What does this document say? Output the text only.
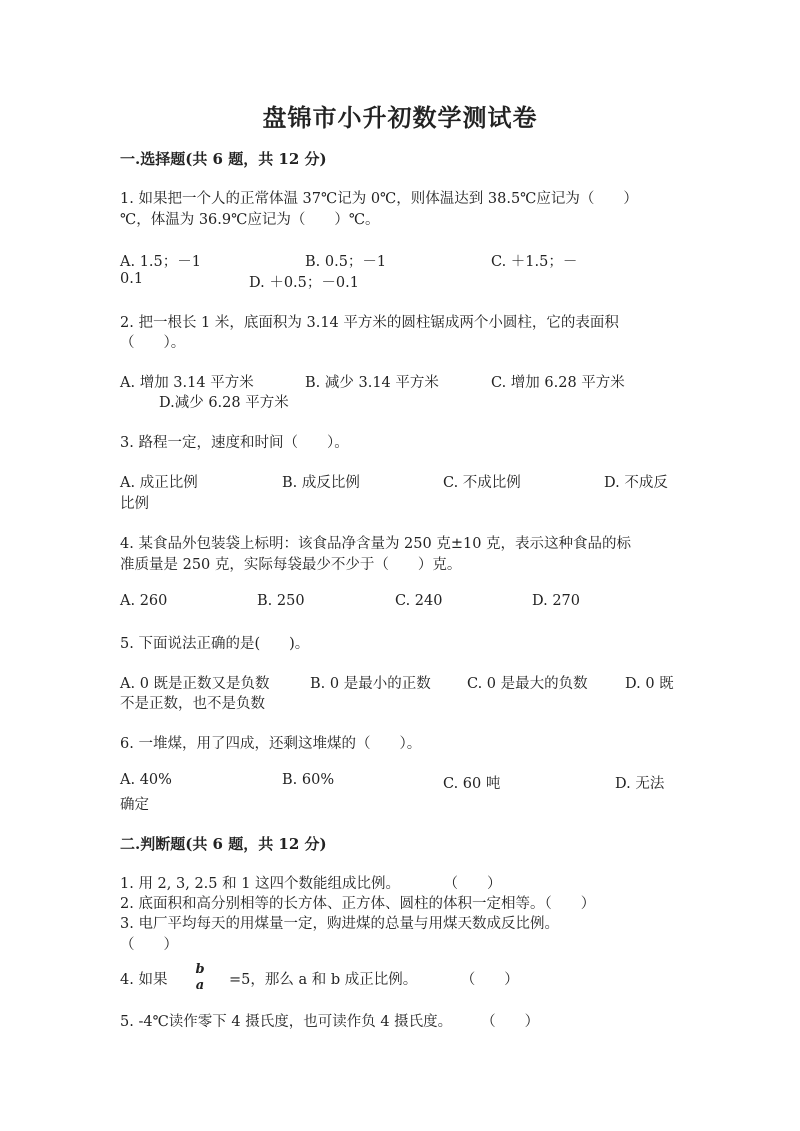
盘锦市小升初数学测试卷
一.选择题(共 6 题，共 12 分)
1. 如果把一个人的正常体温 37℃记为 0℃，则体温达到 38.5℃应记为（　　）
℃，体温为 36.9℃应记为（　　）℃。
A. 1.5；－1	B. 0.5；－1	C. ＋1.5；－
0.1	D. ＋0.5；－0.1
2. 把一根长 1 米，底面积为 3.14 平方米的圆柱锯成两个小圆柱，它的表面积
（　　）。
A. 增加 3.14 平方米	B. 减少 3.14 平方米	C. 增加 6.28 平方米
D.减少 6.28 平方米
3. 路程一定，速度和时间（　　）。
A. 成正比例	B. 成反比例	C. 不成比例	D. 不成反
比例
4. 某食品外包装袋上标明：该食品净含量为 250 克±10 克，表示这种食品的标
准质量是 250 克，实际每袋最少不少于（　　）克。
A. 260	B. 250	C. 240	D. 270
5. 下面说法正确的是(　　)。
A. 0 既是正数又是负数	B. 0 是最小的正数	C. 0 是最大的负数	D. 0 既
不是正数，也不是负数
6. 一堆煤，用了四成，还剩这堆煤的（　　）。
A. 40%	B. 60%	C. 60 吨	D. 无法
确定
二.判断题(共 6 题，共 12 分)
1. 用 2, 3, 2.5 和 1 这四个数能组成比例。　　　　（　　）
2. 底面积和高分别相等的长方体、正方体、圆柱的体积一定相等。（　　）
3. 电厂平均每天的用煤量一定，购进煤的总量与用煤天数成反比例。
（　　）
4. 如果
b
a =5，那么 a 和 b 成正比例。　　　　（　　）
5. -4℃读作零下 4 摄氏度，也可读作负 4 摄氏度。　　　（　　）
